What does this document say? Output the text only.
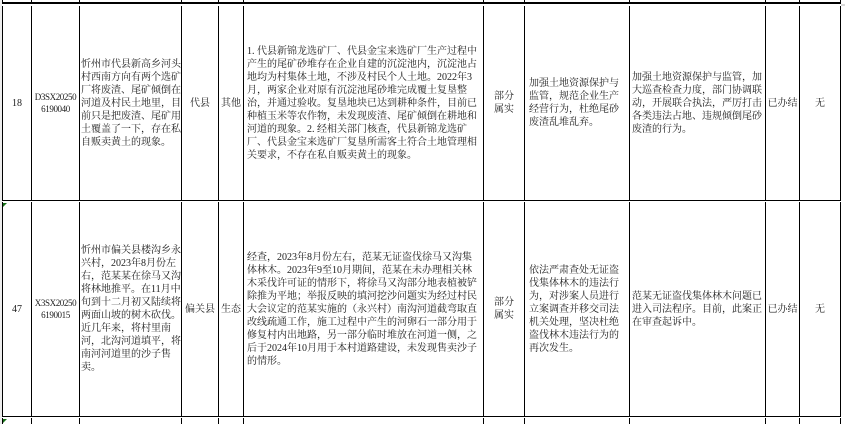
18
D3SX202506190040
忻州市代县新高乡河头村西南方向有两个选矿厂将废渣、尾矿倾倒在河道及村民土地里，目前只是把废渣、尾矿用土覆盖了一下，存在私自贩卖黄土的现象。
代县 其他
1. 代县新锦龙选矿厂、代县金宝来选矿厂生产过程中产生的尾矿砂堆存在企业自建的沉淀池内，沉淀池占地均为村集体土地，不涉及村民个人土地。2022年3月，两家企业对原有沉淀池尾砂堆完成覆土复垦整治，并通过验收。复垦地块已达到耕种条件，目前已种植玉米等农作物，未发现废渣、尾矿倾倒在耕地和河道的现象。2. 经相关部门核查，代县新锦龙选矿厂、代县金宝来选矿厂复垦所需客土符合土地管理相关要求，不存在私自贩卖黄土的现象。
部分属实
加强土地资源保护与监管，规范企业生产经营行为，杜绝尾砂废渣乱堆乱弃。
加强土地资源保护与监管，加大巡查检查力度，部门协调联动，开展联合执法，严厉打击各类违法占地、违规倾倒尾砂废渣的行为。
已办结 无
47
X3SX202506190015
忻州市偏关县楼沟乡永兴村，2023年8月份左右，范某某在徐马又沟将林地推平。在11月中旬到十二月初又陆续将两面山坡的树木砍伐。近几年来，将村里南河，北沟河道填平，将南河河道里的沙子售卖。
偏关县 生态
经查，2023年8月份左右，范某无证盗伐徐马又沟集体林木。2023年9至10月期间，范某在未办理相关林木采伐许可证的情形下，将徐马又沟部分地表植被铲除推为平地；举报反映的填河挖沙问题实为经过村民大会议定的范某实施的（永兴村）南沟河道截弯取直改线疏通工作，施工过程中产生的河卵石一部分用于修复村内出地路，另一部分临时堆放在河道一侧，之后于2024年10月用于本村道路建设，未发现售卖沙子的情形。
部分属实
依法严肃查处无证盗伐集体林木的违法行为，对涉案人员进行立案调查并移交司法机关处理，坚决杜绝盗伐林木违法行为的再次发生。
范某无证盗伐集体林木问题已进入司法程序。目前，此案正在审查起诉中。
已办结 无
